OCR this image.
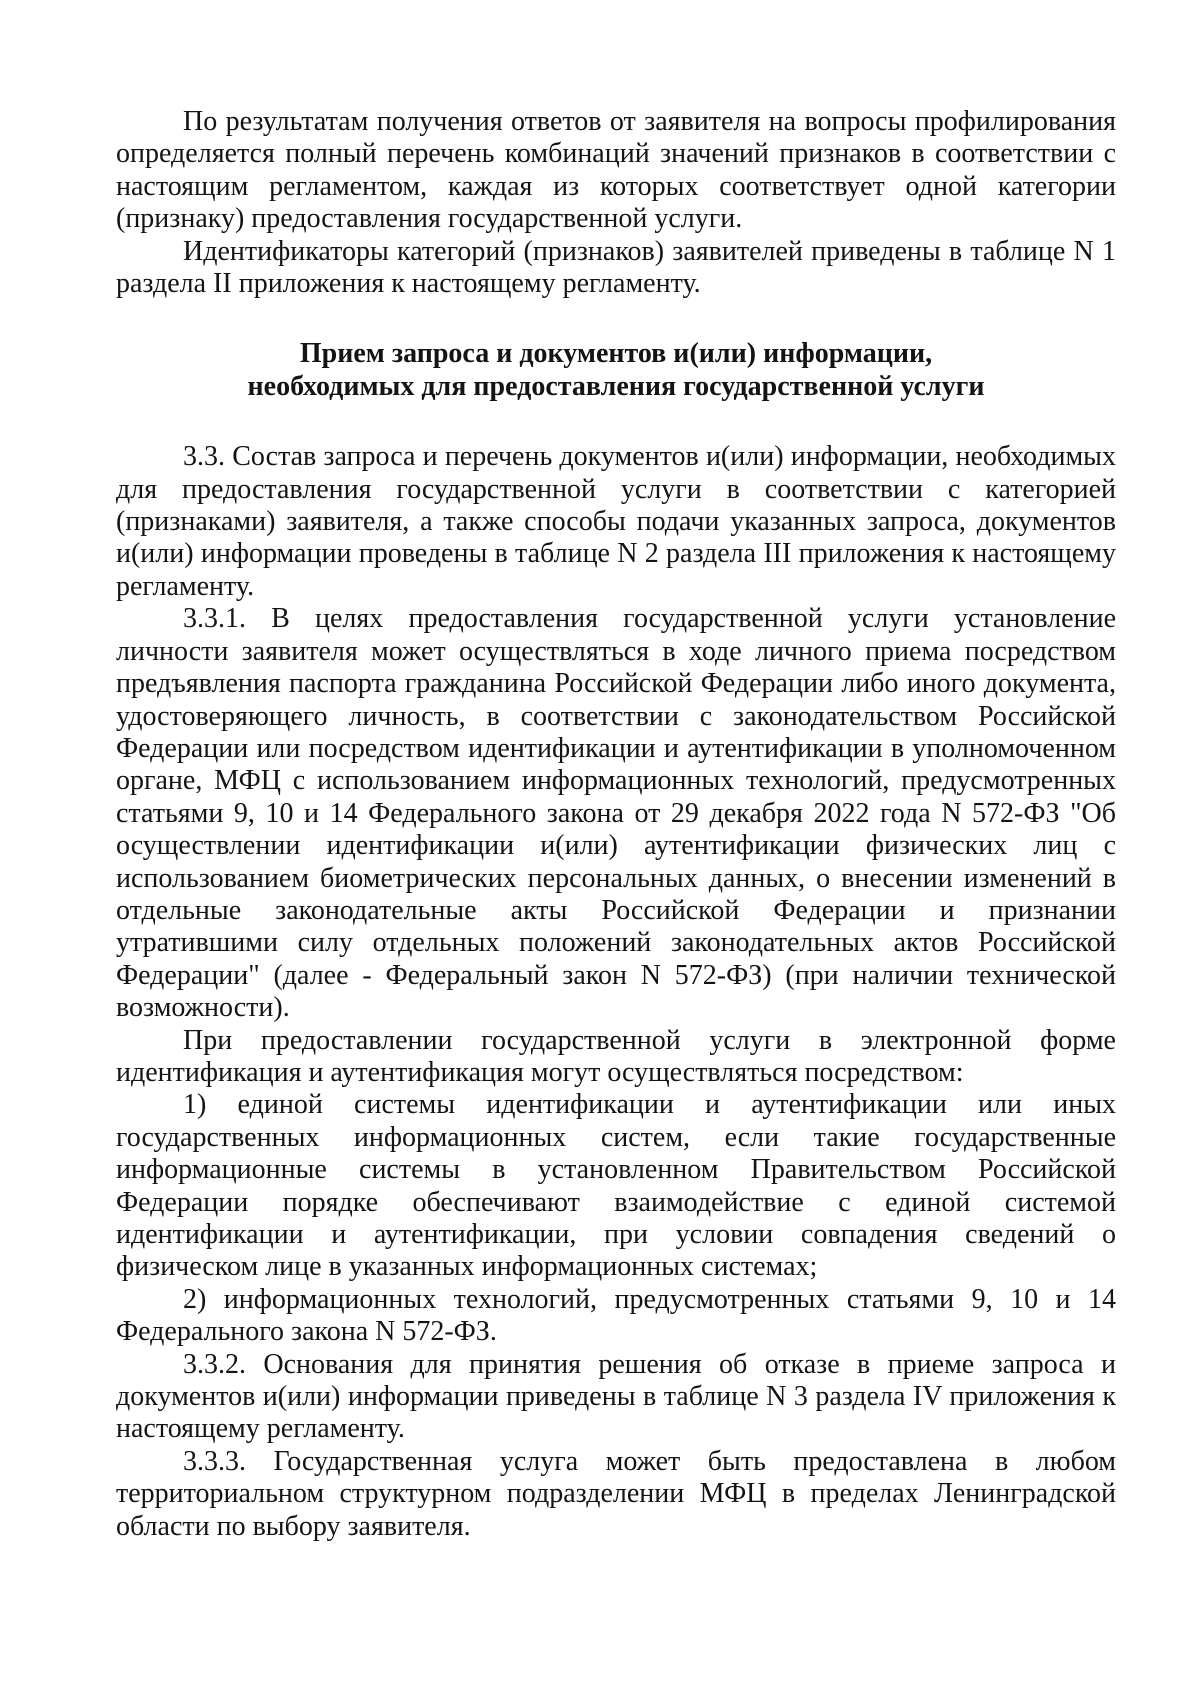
По результатам получения ответов от заявителя на вопросы профилирования определяется полный перечень комбинаций значений признаков в соответствии с настоящим регламентом, каждая из которых соответствует одной категории (признаку) предоставления государственной услуги.

Идентификаторы категорий (признаков) заявителей приведены в таблице N 1 раздела II приложения к настоящему регламенту.

Прием запроса и документов и(или) информации,
необходимых для предоставления государственной услуги

3.3. Состав запроса и перечень документов и(или) информации, необходимых для предоставления государственной услуги в соответствии с категорией (признаками) заявителя, а также способы подачи указанных запроса, документов и(или) информации проведены в таблице N 2 раздела III приложения к настоящему регламенту.

3.3.1. В целях предоставления государственной услуги установление личности заявителя может осуществляться в ходе личного приема посредством предъявления паспорта гражданина Российской Федерации либо иного документа, удостоверяющего личность, в соответствии с законодательством Российской Федерации или посредством идентификации и аутентификации в уполномоченном органе, МФЦ с использованием информационных технологий, предусмотренных статьями 9, 10 и 14 Федерального закона от 29 декабря 2022 года N 572-ФЗ "Об осуществлении идентификации и(или) аутентификации физических лиц с использованием биометрических персональных данных, о внесении изменений в отдельные законодательные акты Российской Федерации и признании утратившими силу отдельных положений законодательных актов Российской Федерации" (далее - Федеральный закон N 572-ФЗ) (при наличии технической возможности).

При предоставлении государственной услуги в электронной форме идентификация и аутентификация могут осуществляться посредством:

1) единой системы идентификации и аутентификации или иных государственных информационных систем, если такие государственные информационные системы в установленном Правительством Российской Федерации порядке обеспечивают взаимодействие с единой системой идентификации и аутентификации, при условии совпадения сведений о физическом лице в указанных информационных системах;

2) информационных технологий, предусмотренных статьями 9, 10 и 14 Федерального закона N 572-ФЗ.

3.3.2. Основания для принятия решения об отказе в приеме запроса и документов и(или) информации приведены в таблице N 3 раздела IV приложения к настоящему регламенту.

3.3.3. Государственная услуга может быть предоставлена в любом территориальном структурном подразделении МФЦ в пределах Ленинградской области по выбору заявителя.
